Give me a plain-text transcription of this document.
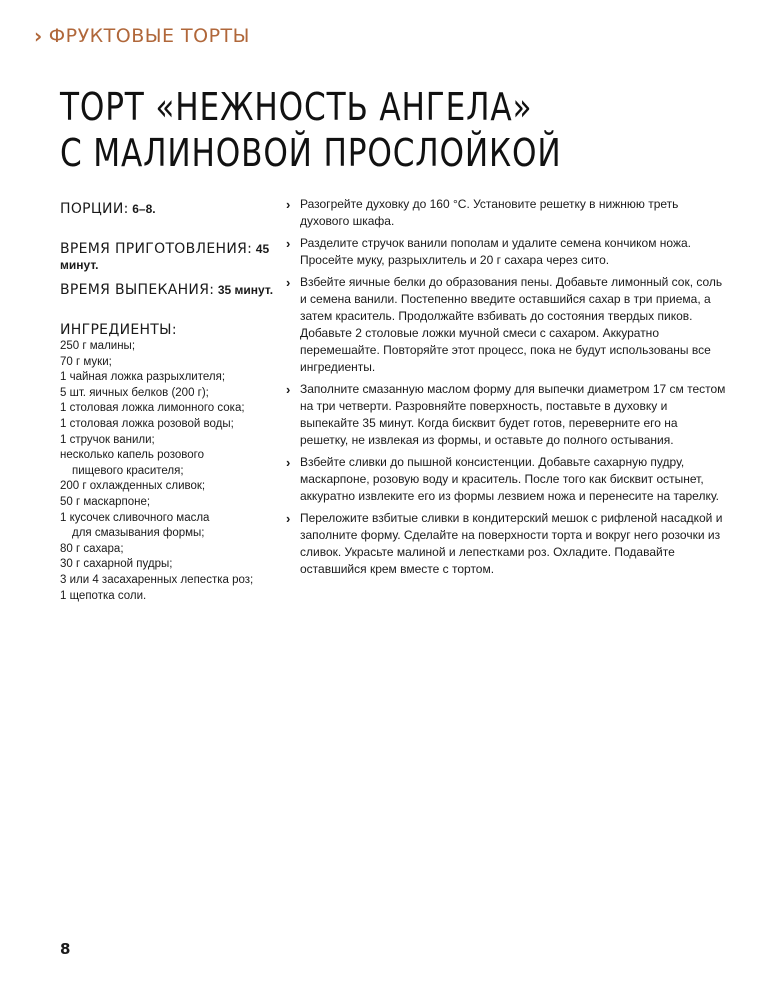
› ФРУКТОВЫЕ ТОРТЫ
ТОРТ «НЕЖНОСТЬ АНГЕЛА»
С МАЛИНОВОЙ ПРОСЛОЙКОЙ
ПОРЦИИ: 6–8.
ВРЕМЯ ПРИГОТОВЛЕНИЯ: 45 минут.
ВРЕМЯ ВЫПЕКАНИЯ: 35 минут.
ИНГРЕДИЕНТЫ:
250 г малины;
70 г муки;
1 чайная ложка разрыхлителя;
5 шт. яичных белков (200 г);
1 столовая ложка лимонного сока;
1 столовая ложка розовой воды;
1 стручок ванили;
несколько капель розового
пищевого красителя;
200 г охлажденных сливок;
50 г маскарпоне;
1 кусочек сливочного масла
для смазывания формы;
80 г сахара;
30 г сахарной пудры;
3 или 4 засахаренных лепестка роз;
1 щепотка соли.
› Разогрейте духовку до 160 °С. Установите решетку в нижнюю треть духового шкафа.
› Разделите стручок ванили пополам и удалите семена кончиком ножа. Просейте муку, разрыхлитель и 20 г сахара через сито.
› Взбейте яичные белки до образования пены. Добавьте лимонный сок, соль и семена ванили. Постепенно введите оставшийся сахар в три приема, а затем краситель. Продолжайте взбивать до состояния твердых пиков. Добавьте 2 столовые ложки мучной смеси с сахаром. Аккуратно перемешайте. Повторяйте этот процесс, пока не будут использованы все ингредиенты.
› Заполните смазанную маслом форму для выпечки диаметром 17 см тестом на три четверти. Разровняйте поверхность, поставьте в духовку и выпекайте 35 минут. Когда бисквит будет готов, переверните его на решетку, не извлекая из формы, и оставьте до полного остывания.
› Взбейте сливки до пышной консистенции. Добавьте сахарную пудру, маскарпоне, розовую воду и краситель. После того как бисквит остынет, аккуратно извлеките его из формы лезвием ножа и перенесите на тарелку.
› Переложите взбитые сливки в кондитерский мешок с рифленой насадкой и заполните форму. Сделайте на поверхности торта и вокруг него розочки из сливок. Украсьте малиной и лепестками роз. Охладите. Подавайте оставшийся крем вместе с тортом.
8
